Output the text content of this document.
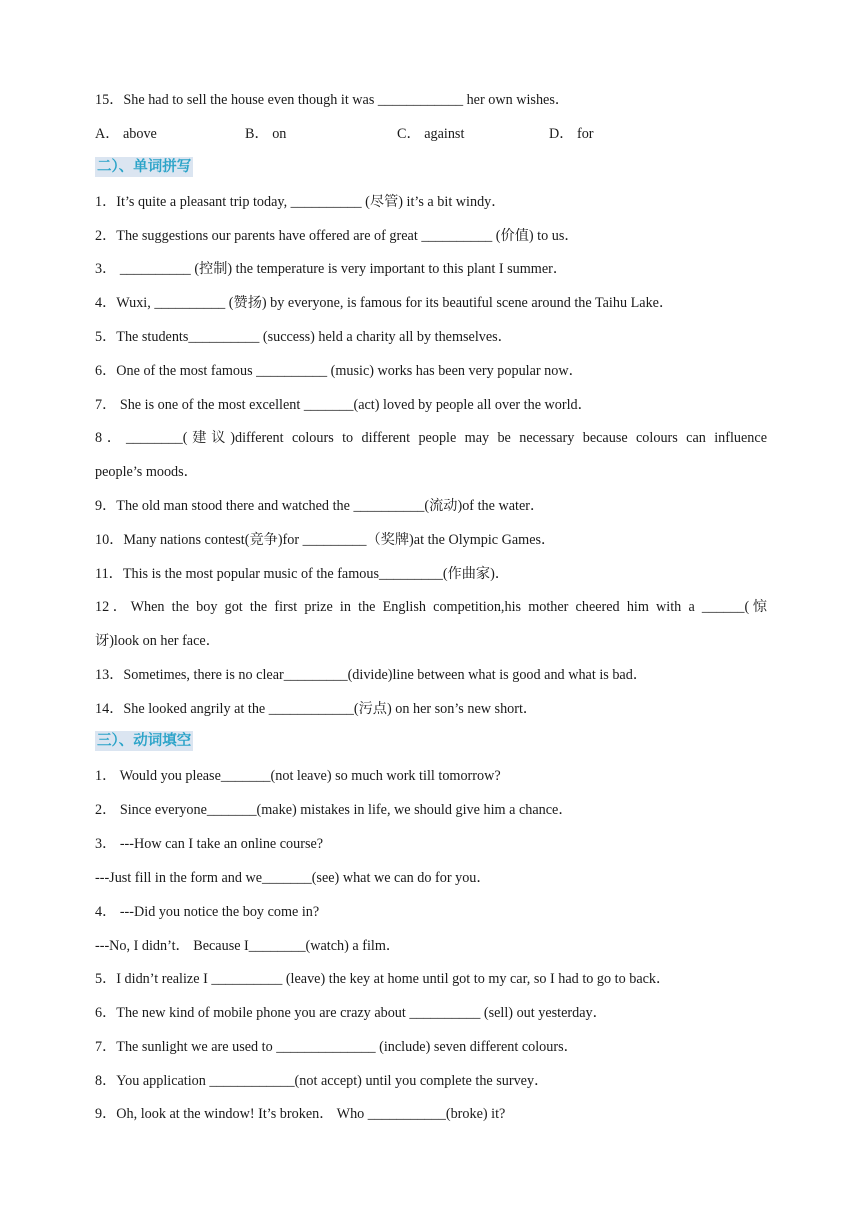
15．She had to sell the house even though it was ____________ her own wishes．
A． above	B． on	C． against	D． for
二）、单词拼写
1．It’s quite a pleasant trip today, __________ (尽管) it’s a bit windy．
2．The suggestions our parents have offered are of great __________ (价值) to us．
3． __________ (控制) the temperature is very important to this plant I summer．
4．Wuxi, __________ (赞扬) by everyone, is famous for its beautiful scene around the Taihu Lake．
5．The students__________ (success) held a charity all by themselves．
6．One of the most famous __________ (music) works has been very popular now．
7． She is one of the most excellent _______(act) loved by people all over the world．
8．________(建议)different colours to different people may be necessary because colours can influence
people’s moods．
9．The old man stood there and watched the __________(流动)of the water．
10．Many nations contest(竞争)for _________（奖牌)at the Olympic Games．
11．This is the most popular music of the famous_________(作曲家)．
12．When the boy got the first prize in the English competition,his mother cheered him with a ______(惊
讶)look on her face．
13．Sometimes, there is no clear_________(divide)line between what is good and what is bad．
14．She looked angrily at the ____________(污点) on her son’s new short．
三）、动词填空
1． Would you please_______(not leave) so much work till tomorrow?
2． Since everyone_______(make) mistakes in life, we should give him a chance．
3． ---How can I take an online course?
---Just fill in the form and we_______(see) what we can do for you．
4． ---Did you notice the boy come in?
---No, I didn’t． Because I________(watch) a film．
5．I didn’t realize I __________ (leave) the key at home until got to my car, so I had to go to back．
6．The new kind of mobile phone you are crazy about __________ (sell) out yesterday．
7．The sunlight we are used to ______________ (include) seven different colours．
8．You application ____________(not accept) until you complete the survey．
9．Oh, look at the window! It’s broken． Who ___________(broke) it?
